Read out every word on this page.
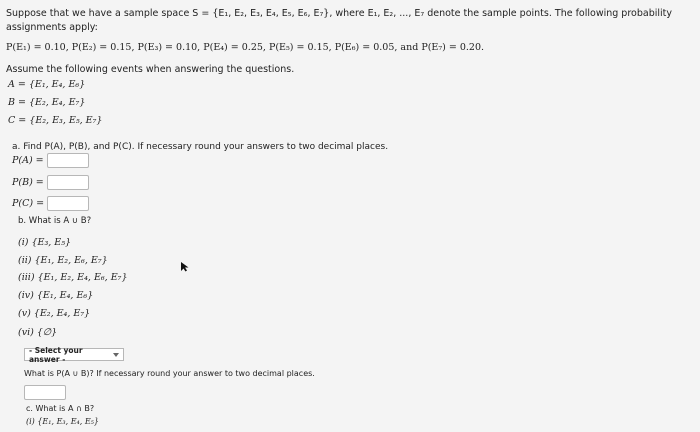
Suppose that we have a sample space S = {E₁, E₂, E₃, E₄, E₅, E₆, E₇}, where E₁, E₂, ..., E₇ denote the sample points. The following probability assignments apply:
P(E₁) = 0.10, P(E₂) = 0.15, P(E₃) = 0.10, P(E₄) = 0.25, P(E₅) = 0.15, P(E₆) = 0.05, and P(E₇) = 0.20.
Assume the following events when answering the questions.
A = {E₁, E₄, E₆}
B = {E₂, E₄, E₇}
C = {E₂, E₃, E₅, E₇}
a. Find P(A), P(B), and P(C). If necessary round your answers to two decimal places.
P(A) =
P(B) =
P(C) =
b. What is A ∪ B?
(i) {E₃, E₅}
(ii) {E₁, E₂, E₆, E₇}
(iii) {E₁, E₂, E₄, E₆, E₇}
(iv) {E₁, E₄, E₆}
(v) {E₂, E₄, E₇}
(vi) {∅}
- Select your answer -
What is P(A ∪ B)? If necessary round your answer to two decimal places.
c. What is A ∩ B?
(i) {E₁, E₃, E₄, E₅}
